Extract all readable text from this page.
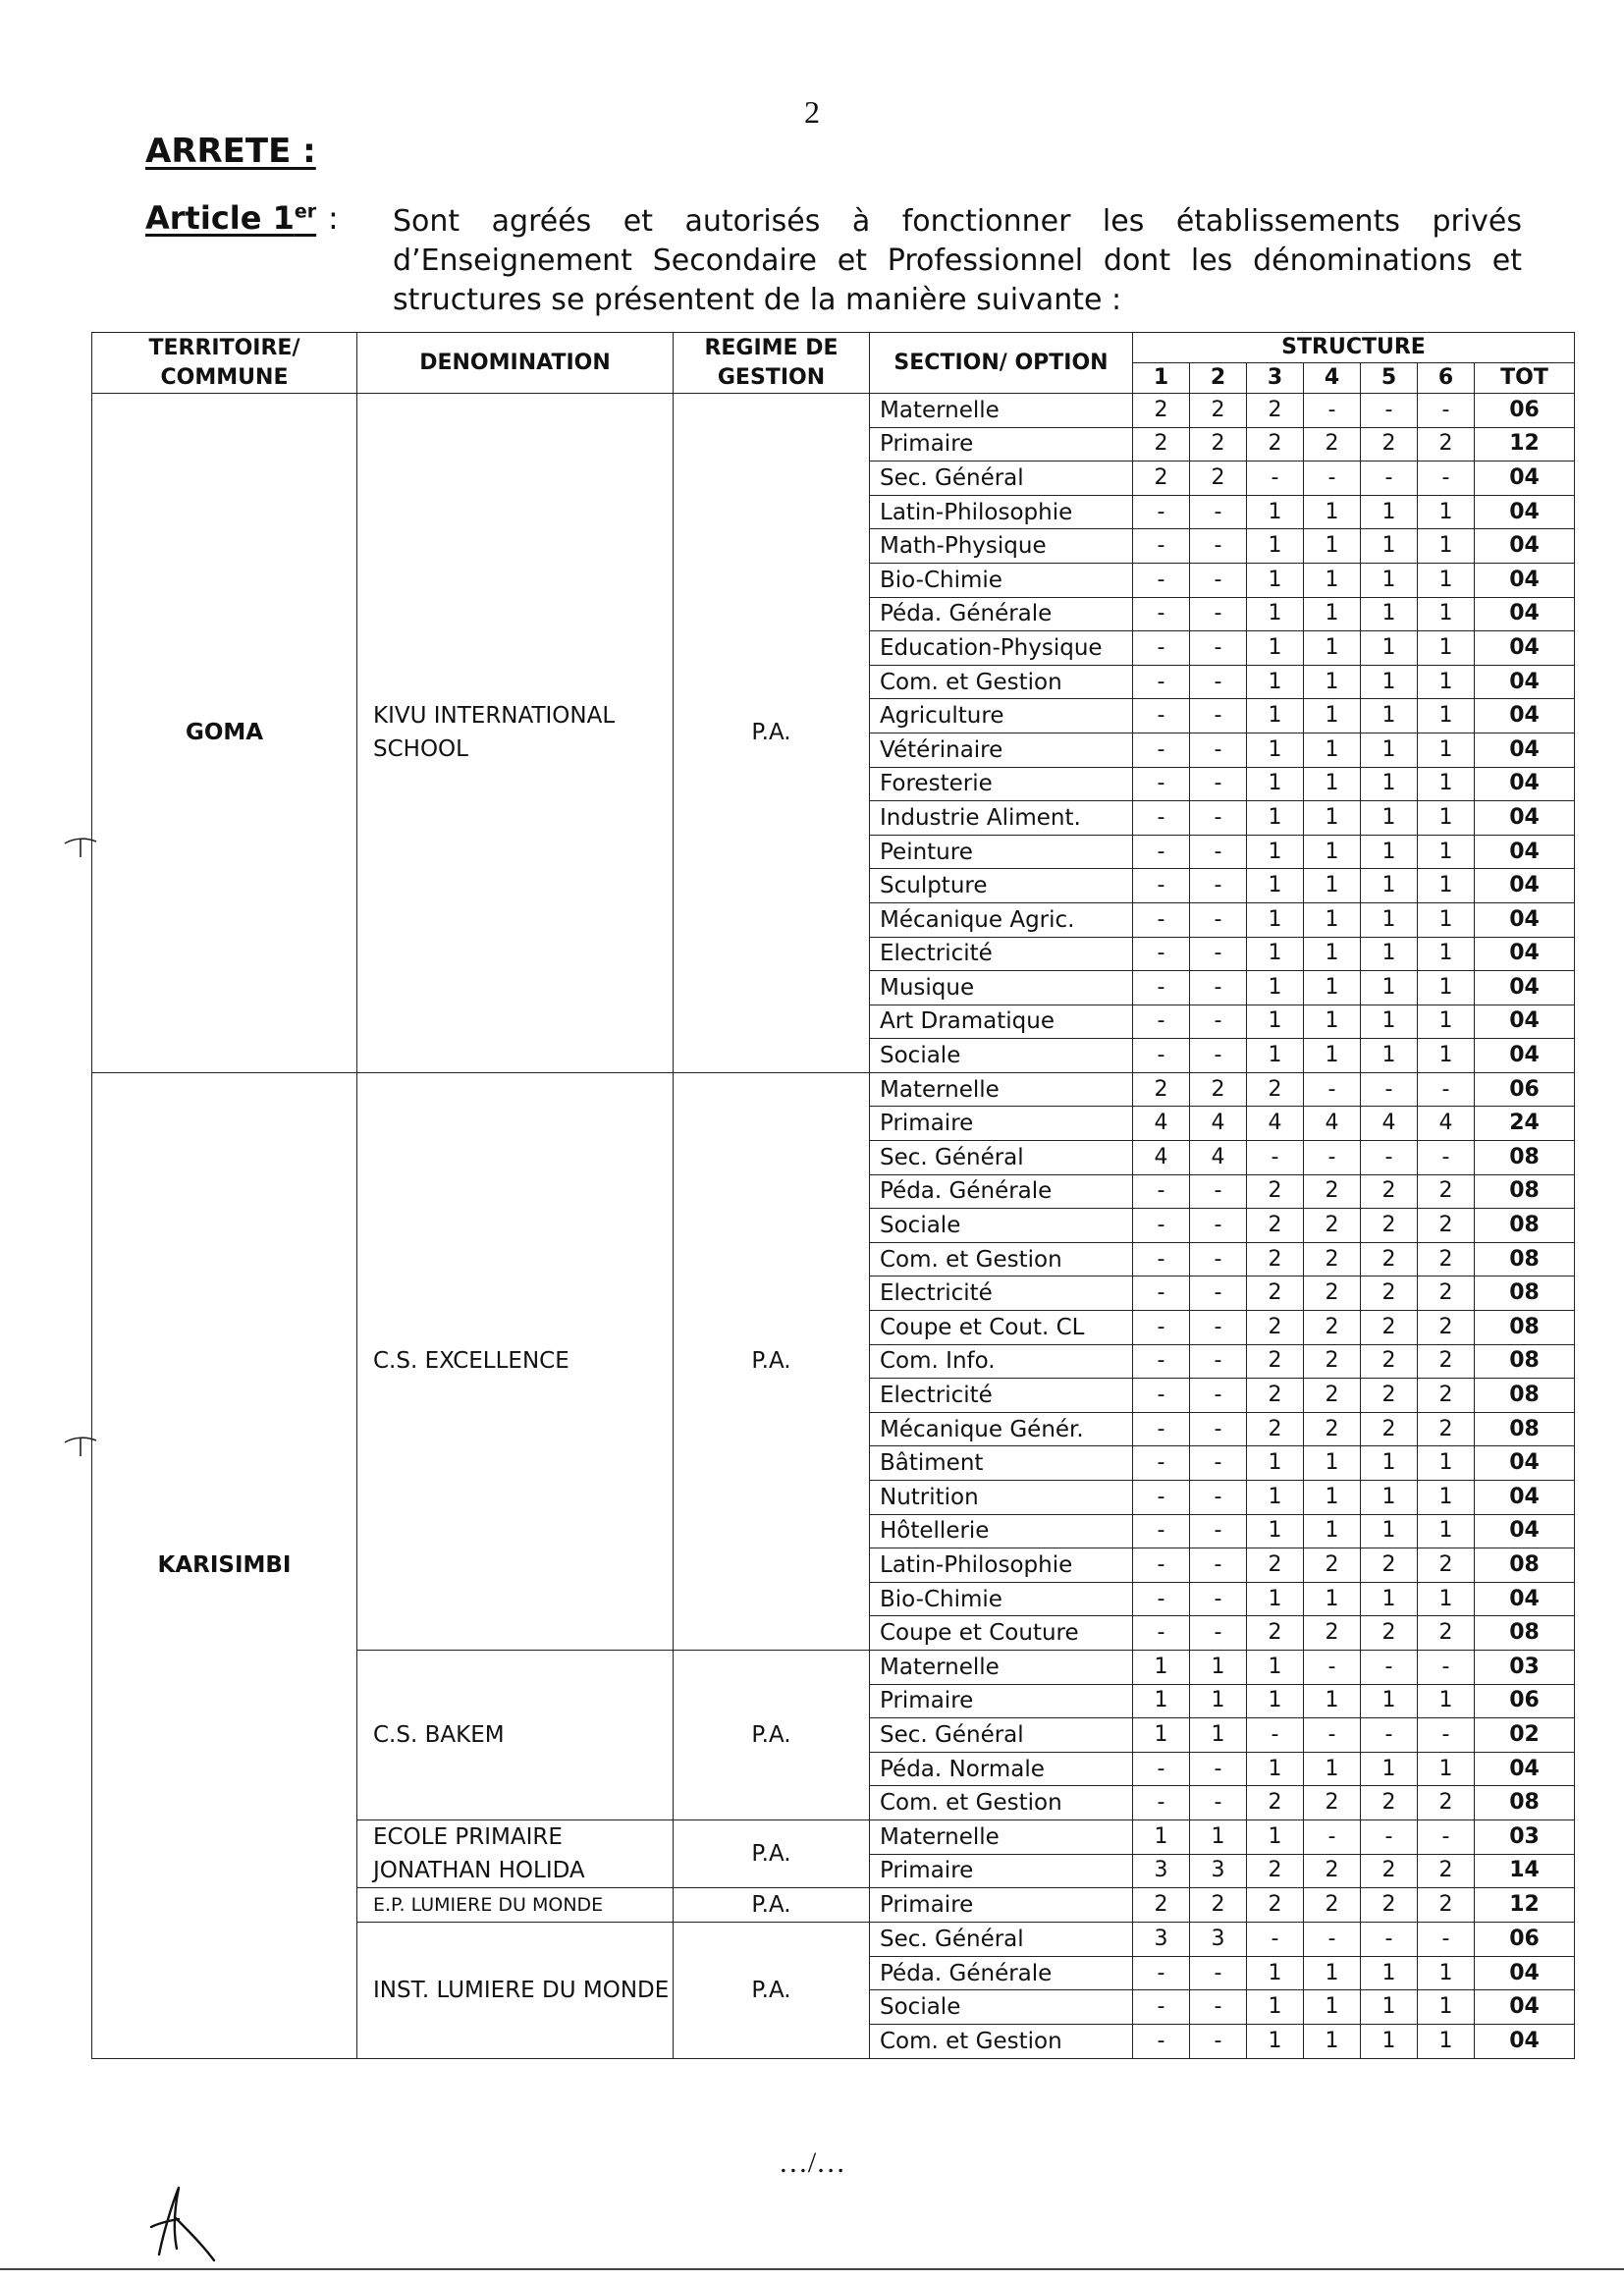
2
ARRETE :
Article 1er : Sont agréés et autorisés à fonctionner les établissements privés
d’Enseignement Secondaire et Professionnel dont les dénominations et
structures se présentent de la manière suivante :
TERRITOIRE/ COMMUNE	DENOMINATION	REGIME DE GESTION	SECTION/ OPTION	STRUCTURE						
				1	2	3	4	5	6	TOT
GOMA	KIVU INTERNATIONAL SCHOOL	P.A.	Maternelle	2	2	2	-	-	-	06
			Primaire	2	2	2	2	2	2	12
			Sec. Général	2	2	-	-	-	-	04
			Latin-Philosophie	-	-	1	1	1	1	04
			Math-Physique	-	-	1	1	1	1	04
			Bio-Chimie	-	-	1	1	1	1	04
			Péda. Générale	-	-	1	1	1	1	04
			Education-Physique	-	-	1	1	1	1	04
			Com. et Gestion	-	-	1	1	1	1	04
			Agriculture	-	-	1	1	1	1	04
			Vétérinaire	-	-	1	1	1	1	04
			Foresterie	-	-	1	1	1	1	04
			Industrie Aliment.	-	-	1	1	1	1	04
			Peinture	-	-	1	1	1	1	04
			Sculpture	-	-	1	1	1	1	04
			Mécanique Agric.	-	-	1	1	1	1	04
			Electricité	-	-	1	1	1	1	04
			Musique	-	-	1	1	1	1	04
			Art Dramatique	-	-	1	1	1	1	04
			Sociale	-	-	1	1	1	1	04
KARISIMBI	C.S. EXCELLENCE	P.A.	Maternelle	2	2	2	-	-	-	06
			Primaire	4	4	4	4	4	4	24
			Sec. Général	4	4	-	-	-	-	08
			Péda. Générale	-	-	2	2	2	2	08
			Sociale	-	-	2	2	2	2	08
			Com. et Gestion	-	-	2	2	2	2	08
			Electricité	-	-	2	2	2	2	08
			Coupe et Cout. CL	-	-	2	2	2	2	08
			Com. Info.	-	-	2	2	2	2	08
			Electricité	-	-	2	2	2	2	08
			Mécanique Génér.	-	-	2	2	2	2	08
			Bâtiment	-	-	1	1	1	1	04
			Nutrition	-	-	1	1	1	1	04
			Hôtellerie	-	-	1	1	1	1	04
			Latin-Philosophie	-	-	2	2	2	2	08
			Bio-Chimie	-	-	1	1	1	1	04
			Coupe et Couture	-	-	2	2	2	2	08
	C.S. BAKEM	P.A.	Maternelle	1	1	1	-	-	-	03
			Primaire	1	1	1	1	1	1	06
			Sec. Général	1	1	-	-	-	-	02
			Péda. Normale	-	-	1	1	1	1	04
			Com. et Gestion	-	-	2	2	2	2	08
	ECOLE PRIMAIRE JONATHAN HOLIDA	P.A.	Maternelle	1	1	1	-	-	-	03
			Primaire	3	3	2	2	2	2	14
	E.P. LUMIERE DU MONDE	P.A.	Primaire	2	2	2	2	2	2	12
	INST. LUMIERE DU MONDE	P.A.	Sec. Général	3	3	-	-	-	-	06
			Péda. Générale	-	-	1	1	1	1	04
			Sociale	-	-	1	1	1	1	04
			Com. et Gestion	-	-	1	1	1	1	04
…/…
